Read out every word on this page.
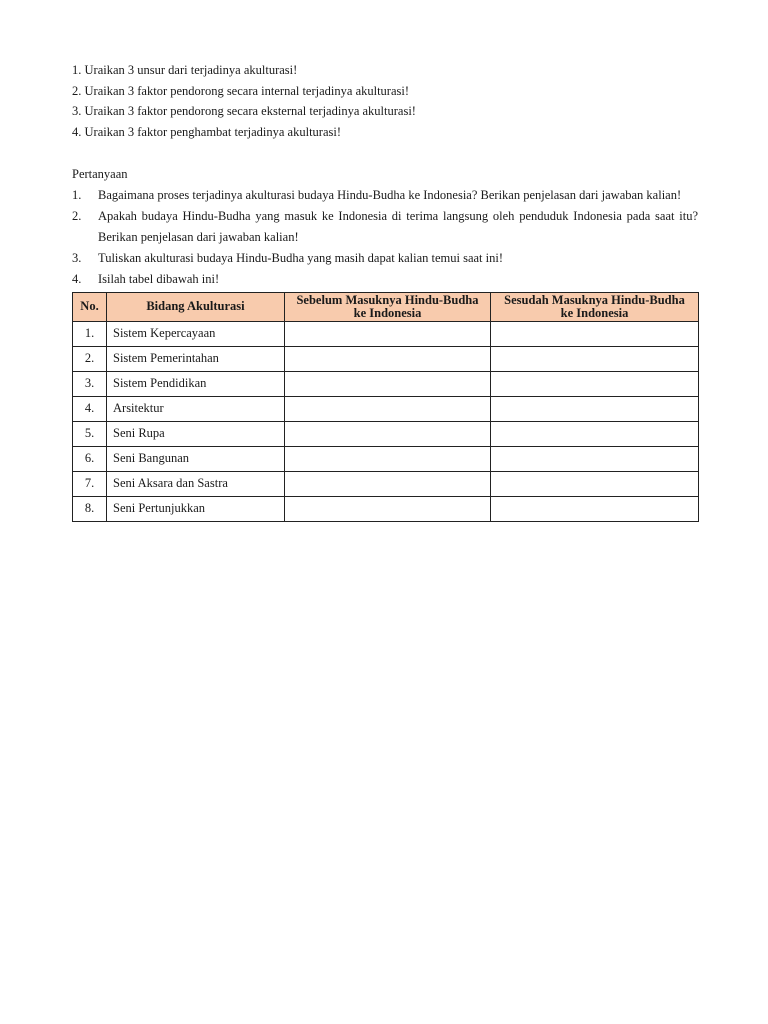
1. Uraikan 3 unsur dari terjadinya akulturasi!
2. Uraikan 3 faktor pendorong secara internal terjadinya akulturasi!
3. Uraikan 3 faktor pendorong secara eksternal terjadinya akulturasi!
4. Uraikan 3 faktor penghambat terjadinya akulturasi!
Pertanyaan
1.	Bagaimana proses terjadinya akulturasi budaya Hindu-Budha ke Indonesia? Berikan penjelasan dari jawaban kalian!
2.	Apakah budaya Hindu-Budha yang masuk ke Indonesia di terima langsung oleh penduduk Indonesia pada saat itu? Berikan penjelasan dari jawaban kalian!
3.	Tuliskan akulturasi budaya Hindu-Budha yang masih dapat kalian temui saat ini!
4.	Isilah tabel dibawah ini!
No.	Bidang Akulturasi	Sebelum Masuknya Hindu-Budha ke Indonesia	Sesudah Masuknya Hindu-Budha ke Indonesia
1.	Sistem Kepercayaan		
2.	Sistem Pemerintahan		
3.	Sistem Pendidikan		
4.	Arsitektur		
5.	Seni Rupa		
6.	Seni Bangunan		
7.	Seni Aksara dan Sastra		
8.	Seni Pertunjukkan		
